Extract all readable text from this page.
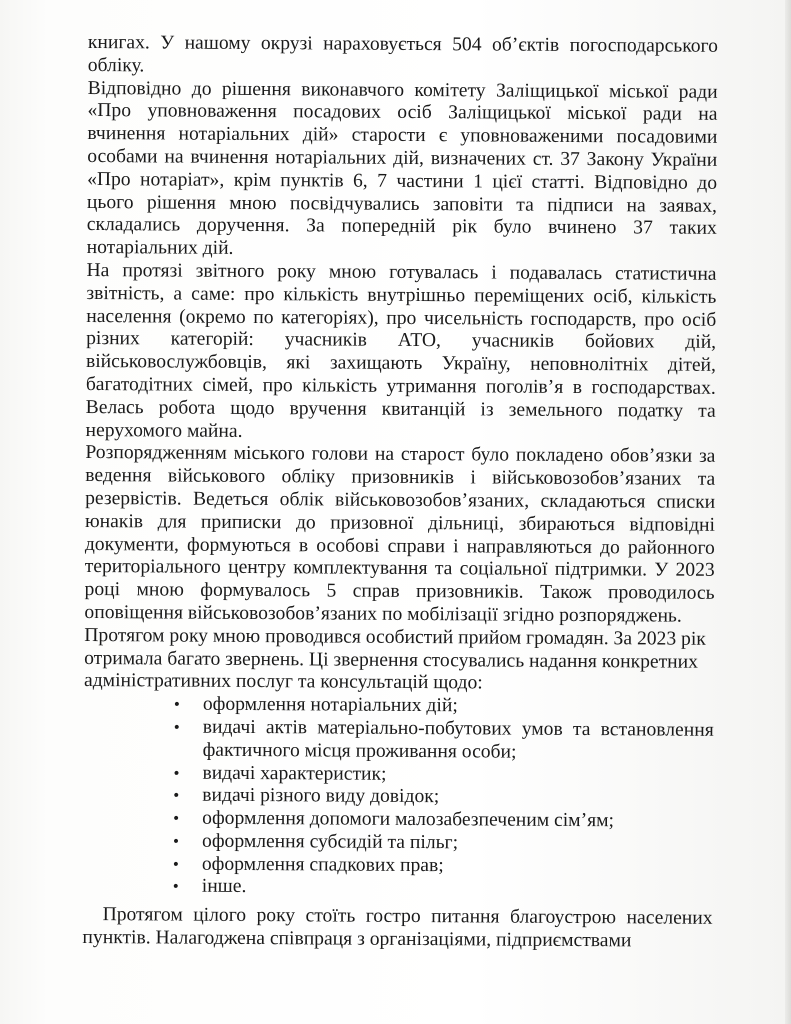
книгах. У нашому окрузі нараховується 504 об’єктів погосподарського обліку.

Відповідно до рішення виконавчого комітету Заліщицької міської ради «Про уповноваження посадових осіб Заліщицької міської ради на вчинення нотаріальних дій» старости є уповноваженими посадовими особами на вчинення нотаріальних дій, визначених ст. 37 Закону України «Про нотаріат», крім пунктів 6, 7 частини 1 цієї статті. Відповідно до цього рішення мною посвідчувались заповіти та підписи на заявах, складались доручення. За попередній рік було вчинено 37 таких нотаріальних дій.

На протязі звітного року мною готувалась і подавалась статистична звітність, а саме: про кількість внутрішньо переміщених осіб, кількість населення (окремо по категоріях), про чисельність господарств, про осіб різних категорій: учасників АТО, учасників бойових дій, військовослужбовців, які захищають Україну, неповнолітніх дітей, багатодітних сімей, про кількість утримання поголів’я в господарствах. Велась робота щодо вручення квитанцій із земельного податку та нерухомого майна.

Розпорядженням міського голови на старост було покладено обов’язки за ведення військового обліку призовників і військовозобов’язаних та резервістів. Ведеться облік військовозобов’язаних, складаються списки юнаків для приписки до призовної дільниці, збираються відповідні документи, формуються в особові справи і направляються до районного територіального центру комплектування та соціальної підтримки. У 2023 році мною формувалось 5 справ призовників. Також проводилось оповіщення військовозобов’язаних по мобілізації згідно розпоряджень.

Протягом року мною проводився особистий прийом громадян. За 2023 рік отримала багато звернень. Ці звернення стосувались надання конкретних адміністративних послуг та консультацій щодо:

• оформлення нотаріальних дій;
• видачі актів матеріально-побутових умов та встановлення фактичного місця проживання особи;
• видачі характеристик;
• видачі різного виду довідок;
• оформлення допомоги малозабезпеченим сім’ям;
• оформлення субсидій та пільг;
• оформлення спадкових прав;
• інше.

Протягом цілого року стоїть гостро питання благоустрою населених пунктів. Налагоджена співпраця з організаціями, підприємствами
